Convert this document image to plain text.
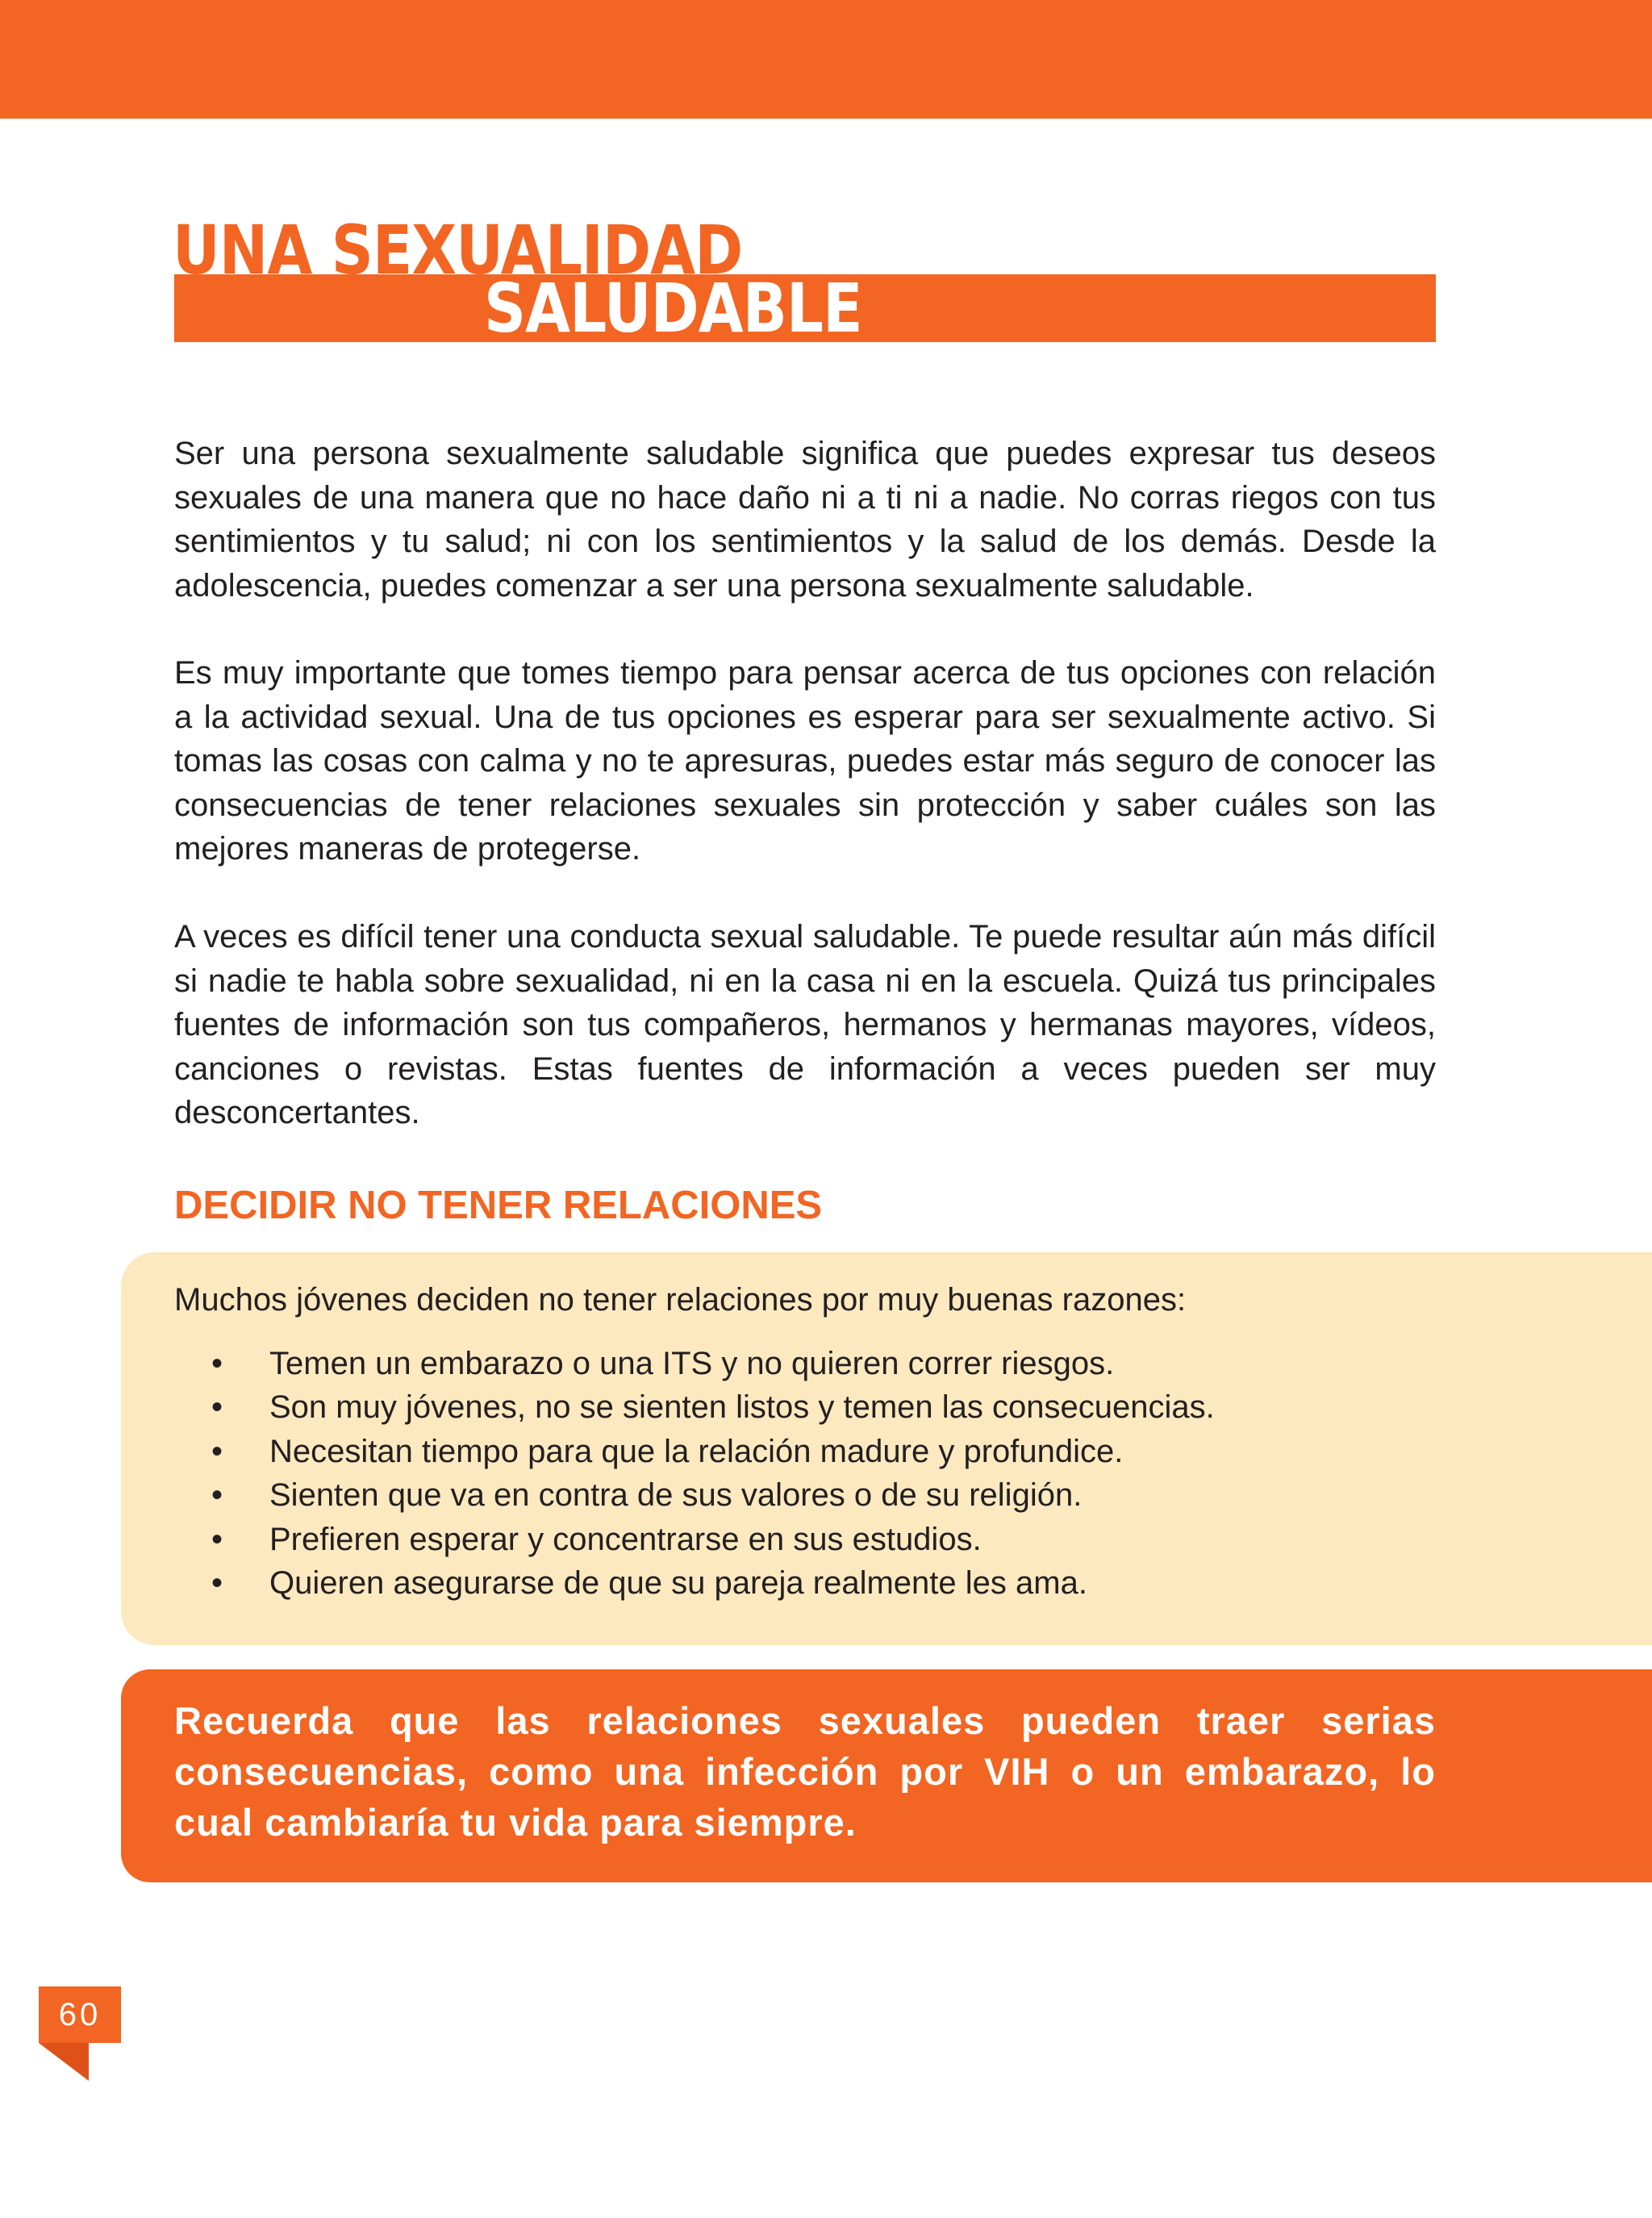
UNA SEXUALIDAD
SALUDABLE

Ser una persona sexualmente saludable significa que puedes expresar tus deseos sexuales de una manera que no hace daño ni a ti ni a nadie. No corras riegos con tus sentimientos y tu salud; ni con los sentimientos y la salud de los demás. Desde la adolescencia, puedes comenzar a ser una persona sexualmente saludable.

Es muy importante que tomes tiempo para pensar acerca de tus opciones con relación a la actividad sexual. Una de tus opciones es esperar para ser sexualmente activo. Si tomas las cosas con calma y no te apresuras, puedes estar más seguro de conocer las consecuencias de tener relaciones sexuales sin protección y saber cuáles son las mejores maneras de protegerse.

A veces es difícil tener una conducta sexual saludable. Te puede resultar aún más difícil si nadie te habla sobre sexualidad, ni en la casa ni en la escuela. Quizá tus principales fuentes de información son tus compañeros, hermanos y hermanas mayores, vídeos, canciones o revistas. Estas fuentes de información a veces pueden ser muy desconcertantes.

DECIDIR NO TENER RELACIONES

Muchos jóvenes deciden no tener relaciones por muy buenas razones:

• Temen un embarazo o una ITS y no quieren correr riesgos.
• Son muy jóvenes, no se sienten listos y temen las consecuencias.
• Necesitan tiempo para que la relación madure y profundice.
• Sienten que va en contra de sus valores o de su religión.
• Prefieren esperar y concentrarse en sus estudios.
• Quieren asegurarse de que su pareja realmente les ama.

Recuerda que las relaciones sexuales pueden traer serias consecuencias, como una infección por VIH o un embarazo, lo cual cambiaría tu vida para siempre.

60
